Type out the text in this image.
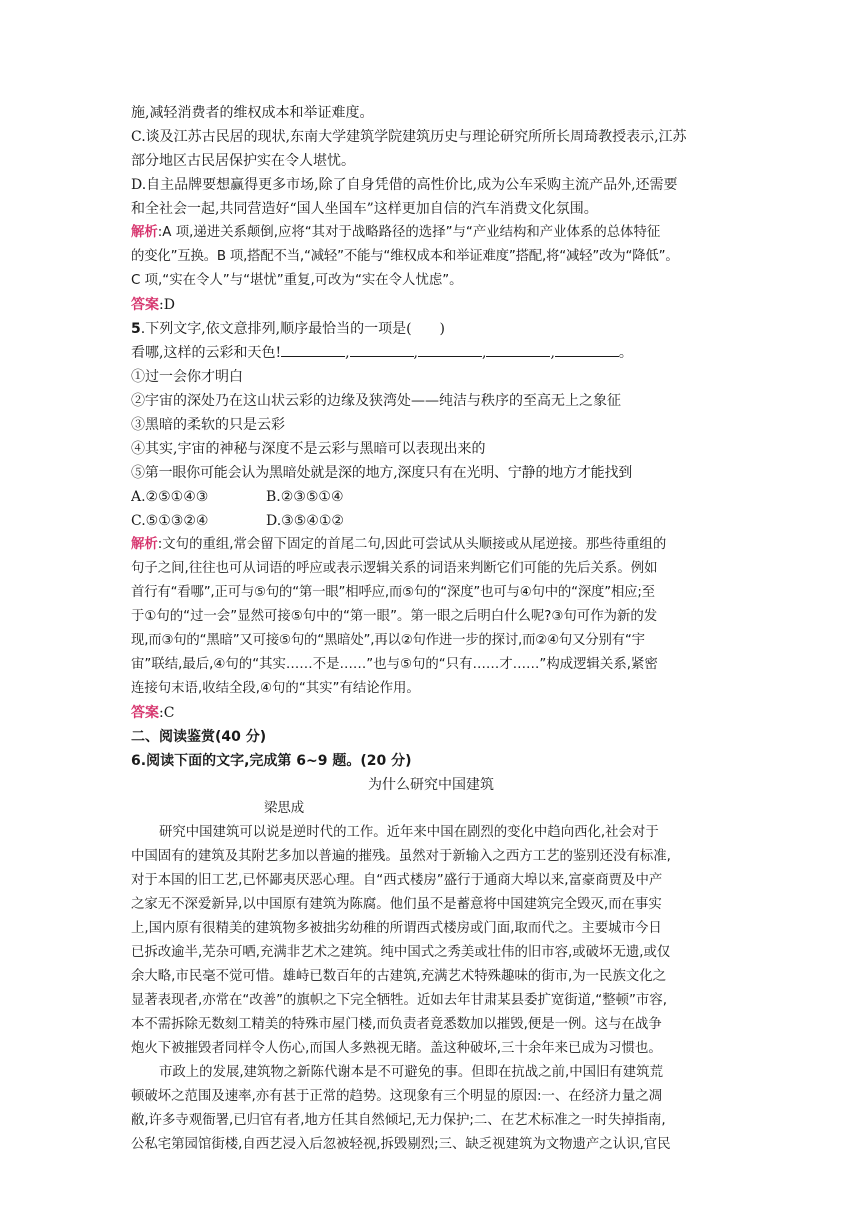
施,减轻消费者的维权成本和举证难度。
C.谈及江苏古民居的现状,东南大学建筑学院建筑历史与理论研究所所长周琦教授表示,江苏
部分地区古民居保护实在令人堪忧。
D.自主品牌要想赢得更多市场,除了自身凭借的高性价比,成为公车采购主流产品外,还需要
和全社会一起,共同营造好“国人坐国车”这样更加自信的汽车消费文化氛围。
解析:A 项,递进关系颠倒,应将“其对于战略路径的选择”与“产业结构和产业体系的总体特征
的变化”互换。B 项,搭配不当,“减轻”不能与“维权成本和举证难度”搭配,将“减轻”改为“降低”。
C 项,“实在令人”与“堪忧”重复,可改为“实在令人忧虑”。
答案:D
5.下列文字,依文意排列,顺序最恰当的一项是(　　)
看哪,这样的云彩和天色!	,	,	,	,	。
①过一会你才明白
②宇宙的深处乃在这山状云彩的边缘及狭湾处——纯洁与秩序的至高无上之象征
③黑暗的柔软的只是云彩
④其实,宇宙的神秘与深度不是云彩与黑暗可以表现出来的
⑤第一眼你可能会认为黑暗处就是深的地方,深度只有在光明、宁静的地方才能找到
A.②⑤①④③	B.②③⑤①④
C.⑤①③②④	D.③⑤④①②
解析:文句的重组,常会留下固定的首尾二句,因此可尝试从头顺接或从尾逆接。那些待重组的
句子之间,往往也可从词语的呼应或表示逻辑关系的词语来判断它们可能的先后关系。例如
首行有“看哪”,正可与⑤句的“第一眼”相呼应,而⑤句的“深度”也可与④句中的“深度”相应;至
于①句的“过一会”显然可接⑤句中的“第一眼”。第一眼之后明白什么呢?③句可作为新的发
现,而③句的“黑暗”又可接⑤句的“黑暗处”,再以②句作进一步的探讨,而②④句又分别有“宇
宙”联结,最后,④句的“其实……不是……”也与⑤句的“只有……才……”构成逻辑关系,紧密
连接句末语,收结全段,④句的“其实”有结论作用。
答案:C
二、阅读鉴赏(40 分)
6.阅读下面的文字,完成第 6~9 题。(20 分)
为什么研究中国建筑
梁思成
研究中国建筑可以说是逆时代的工作。近年来中国在剧烈的变化中趋向西化,社会对于
中国固有的建筑及其附艺多加以普遍的摧残。虽然对于新输入之西方工艺的鉴别还没有标准,
对于本国的旧工艺,已怀鄙夷厌恶心理。自“西式楼房”盛行于通商大埠以来,富豪商贾及中产
之家无不深爱新异,以中国原有建筑为陈腐。他们虽不是蓄意将中国建筑完全毁灭,而在事实
上,国内原有很精美的建筑物多被拙劣幼稚的所谓西式楼房或门面,取而代之。主要城市今日
已拆改逾半,芜杂可哂,充满非艺术之建筑。纯中国式之秀美或壮伟的旧市容,或破坏无遗,或仅
余大略,市民毫不觉可惜。雄峙已数百年的古建筑,充满艺术特殊趣味的街市,为一民族文化之
显著表现者,亦常在“改善”的旗帜之下完全牺牲。近如去年甘肃某县委扩宽街道,“整顿”市容,
本不需拆除无数刻工精美的特殊市屋门楼,而负责者竟悉数加以摧毁,便是一例。这与在战争
炮火下被摧毁者同样令人伤心,而国人多熟视无睹。盖这种破坏,三十余年来已成为习惯也。
市政上的发展,建筑物之新陈代谢本是不可避免的事。但即在抗战之前,中国旧有建筑荒
顿破坏之范围及速率,亦有甚于正常的趋势。这现象有三个明显的原因:一、在经济力量之凋
敝,许多寺观衙署,已归官有者,地方任其自然倾圮,无力保护;二、在艺术标准之一时失掉指南,
公私宅第园馆街楼,自西艺浸入后忽被轻视,拆毁剔烈;三、缺乏视建筑为文物遗产之认识,官民
